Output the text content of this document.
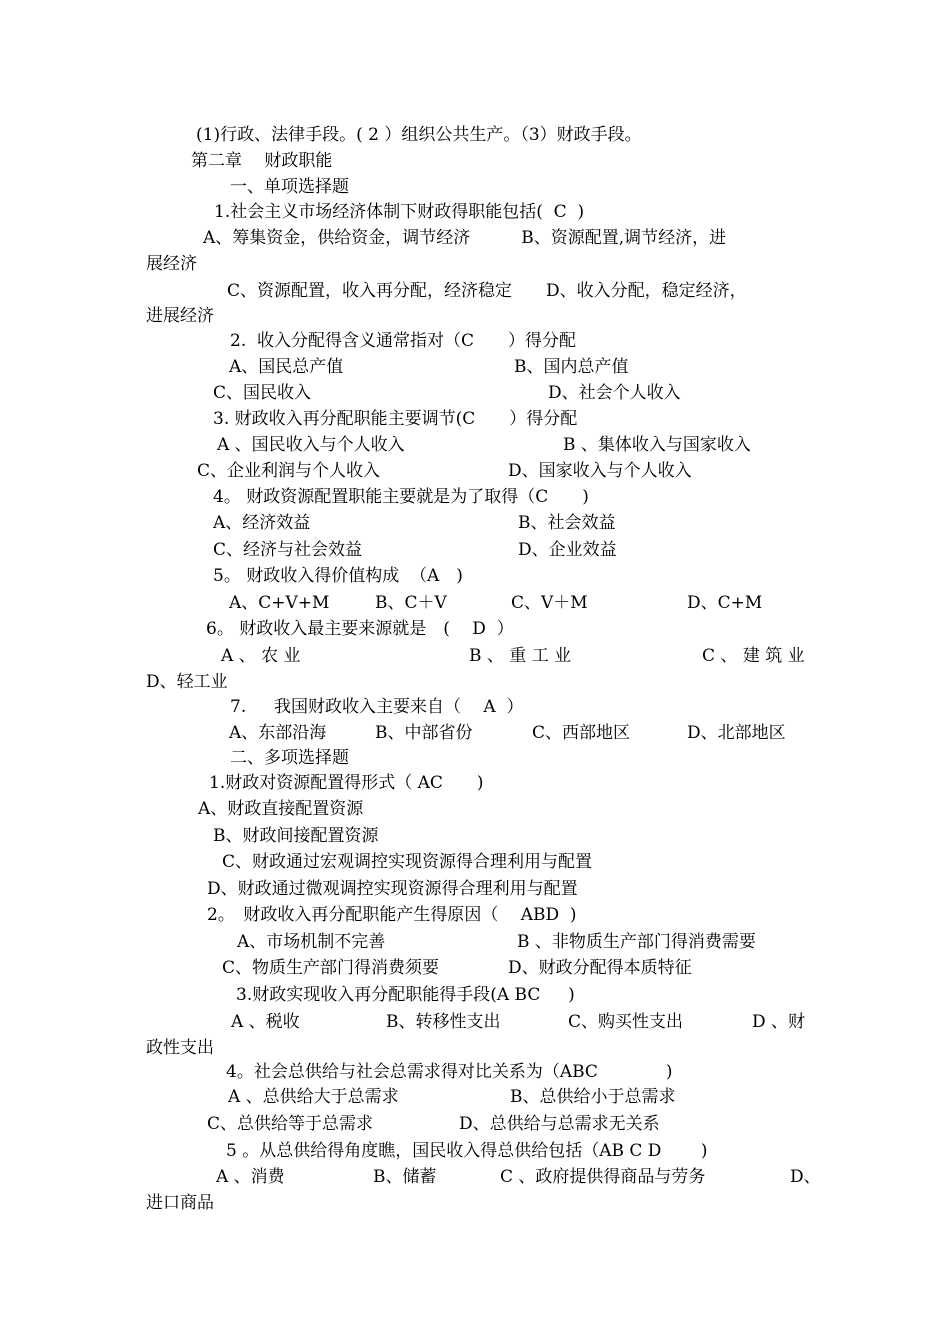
(1)行政、法律手段。( 2 ）组织公共生产。（3）财政手段。
第二章　 财政职能
一、单项选择题
1.社会主义市场经济体制下财政得职能包括(  C  )
A、筹集资金，供给资金，调节经济　　　B、资源配置,调节经济，进
展经济
C、资源配置，收入再分配，经济稳定　　D、收入分配，稳定经济，
进展经济
2.  收入分配得含义通常指对（C　　）得分配
A、国民总产值	B、国内总产值
C、国民收入	D、社会个人收入
3. 财政收入再分配职能主要调节(C　　）得分配
A 、国民收入与个人收入	B 、集体收入与国家收入
C、企业利润与个人收入	D、国家收入与个人收入
4。 财政资源配置职能主要就是为了取得（C　　)
A、经济效益	B、社会效益
C、经济与社会效益	D、企业效益
5。 财政收入得价值构成  （A　)
A、C+V+M	B、C＋V	C、V＋M	D、C+M
6。 财政收入最主要来源就是　(　 D  ）
A 、 农 业	B 、 重 工 业	C 、 建 筑 业
D、轻工业
7.　  我国财政收入主要来自（　 A  ）
A、东部沿海	B、中部省份	C、西部地区	D、北部地区
二、多项选择题
1.财政对资源配置得形式（ AC　　)
A、财政直接配置资源
B、财政间接配置资源
C、财政通过宏观调控实现资源得合理利用与配置
D、财政通过微观调控实现资源得合理利用与配置
2。　财政收入再分配职能产生得原因（　 ABD  )
A、市场机制不完善	B 、非物质生产部门得消费需要
C、物质生产部门得消费须要	D、财政分配得本质特征
3.财政实现收入再分配职能得手段(A BC　  )
A 、税收	B、转移性支出	C、购买性支出	D 、财
政性支出
4。社会总供给与社会总需求得对比关系为（ABC　　　　)
A 、总供给大于总需求	B、总供给小于总需求
C、总供给等于总需求	D、总供给与总需求无关系
5 。从总供给得角度瞧，国民收入得总供给包括（AB C D　　 )
A 、消费	B、储蓄	C 、政府提供得商品与劳务	D、
进口商品
